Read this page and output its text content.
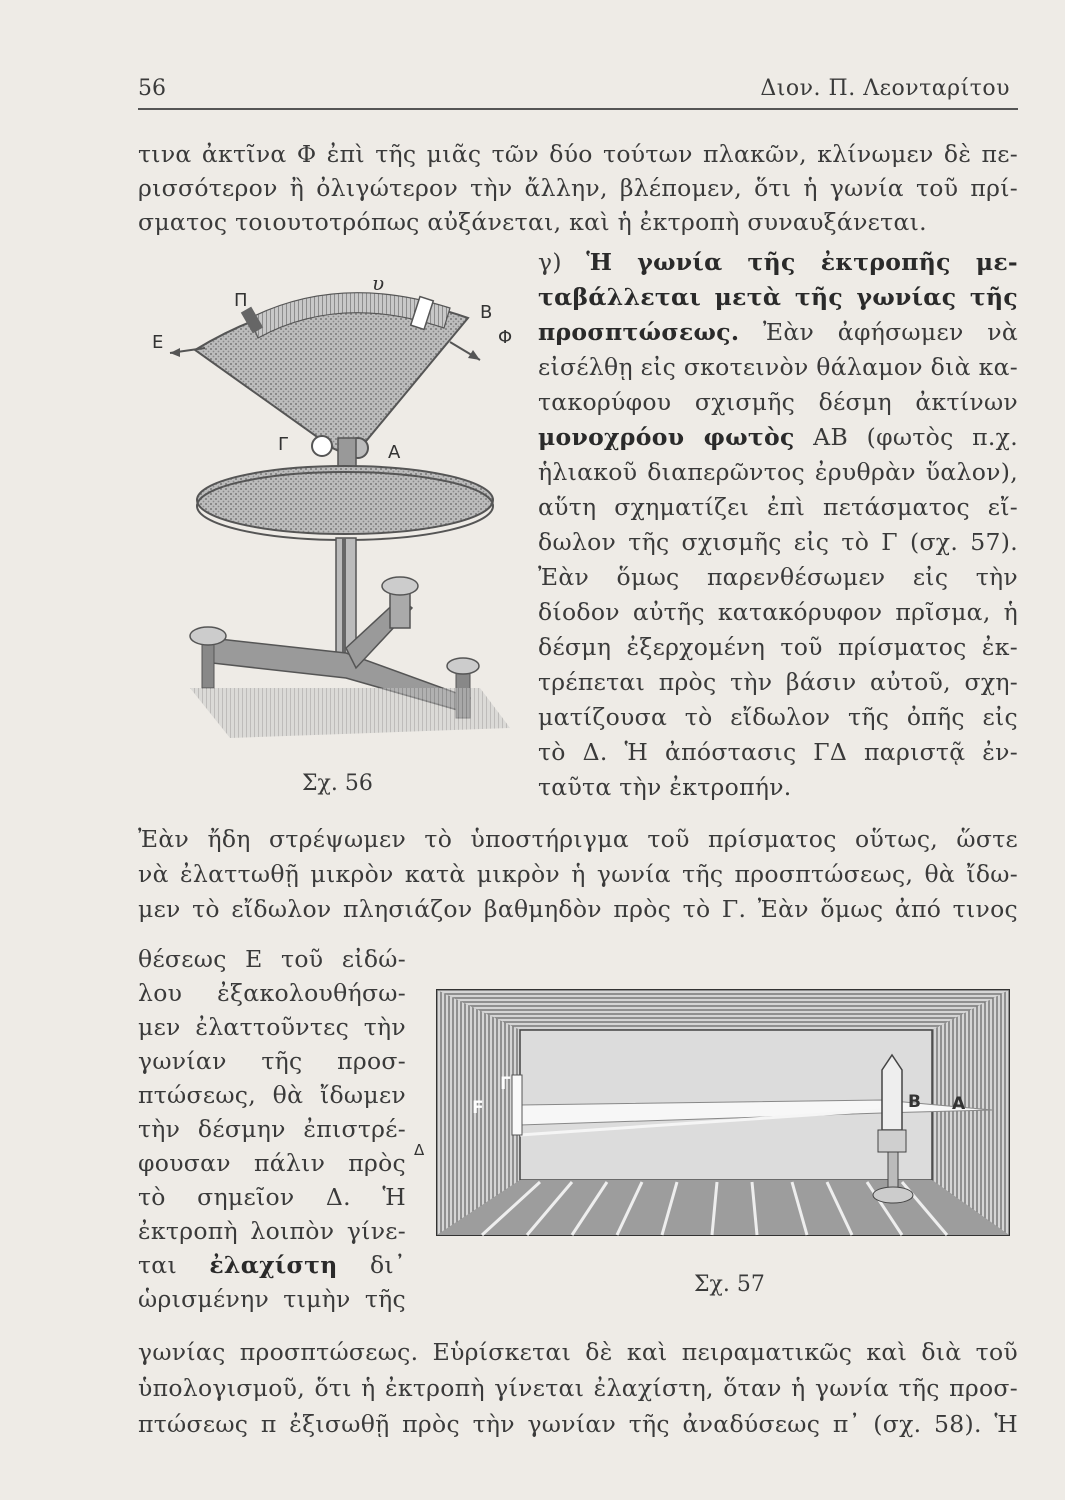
56	Διον. Π. Λεονταρίτου
τινα ἀκτῖνα Φ ἐπὶ τῆς μιᾶς τῶν δύο τούτων πλακῶν, κλίνωμεν δὲ πε-
ρισσότερον ἢ ὀλιγώτερον τὴν ἄλλην, βλέπομεν, ὅτι ἡ γωνία τοῦ πρί-
σματος τοιουτοτρόπως αὐξάνεται, καὶ ἡ ἐκτροπὴ συναυξάνεται.
γ) Ἡ γωνία τῆς ἐκτροπῆς με-
ταβάλλεται μετὰ τῆς γωνίας τῆς
προσπτώσεως. Ἐὰν ἀφήσωμεν νὰ
εἰσέλθῃ εἰς σκοτεινὸν θάλαμον διὰ κα-
τακορύφου σχισμῆς δέσμη ἀκτίνων
μονοχρόου φωτὸς ΑΒ (φωτὸς π.χ.
ἡλιακοῦ διαπερῶντος ἐρυθρὰν ὕαλον),
αὕτη σχηματίζει ἐπὶ πετάσματος εἴ-
δωλον τῆς σχισμῆς εἰς τὸ Γ (σχ. 57).
Ἐὰν ὅμως παρενθέσωμεν εἰς τὴν
δίοδον αὐτῆς κατακόρυφον πρῖσμα, ἡ
δέσμη ἐξερχομένη τοῦ πρίσματος ἐκ-
τρέπεται πρὸς τὴν βάσιν αὐτοῦ, σχη-
ματίζουσα τὸ εἴδωλον τῆς ὀπῆς εἰς
τὸ Δ. Ἡ ἀπόστασις ΓΔ παριστᾷ ἐν-
ταῦτα τὴν ἐκτροπήν.
Ε
Π
υ
Β
Φ
Γ	Α
Σχ. 56
Ἐὰν ἤδη στρέψωμεν τὸ ὑποστήριγμα τοῦ πρίσματος οὕτως, ὥστε
νὰ ἐλαττωθῇ μικρὸν κατὰ μικρὸν ἡ γωνία τῆς προσπτώσεως, θὰ ἴδω-
μεν τὸ εἴδωλον πλησιάζον βαθμηδὸν πρὸς τὸ Γ. Ἐὰν ὅμως ἀπό τινος
θέσεως Ε τοῦ εἰδώ-
λου ἐξακολουθήσω-
μεν ἐλαττοῦντες τὴν
γωνίαν τῆς προσ-
πτώσεως, θὰ ἴδωμεν
τὴν δέσμην ἐπιστρέ-
φουσαν πάλιν πρὸς
τὸ σημεῖον Δ. Ἡ
ἐκτροπὴ λοιπὸν γίνε-
ται ἐλαχίστη δι᾽
ὡρισμένην τιμὴν τῆς
F
Γ
B A
Δ
Σχ. 57
γωνίας προσπτώσεως. Εὑρίσκεται δὲ καὶ πειραματικῶς καὶ διὰ τοῦ
ὑπολογισμοῦ, ὅτι ἡ ἐκτροπὴ γίνεται ἐλαχίστη, ὅταν ἡ γωνία τῆς προσ-
πτώσεως π ἐξισωθῇ πρὸς τὴν γωνίαν τῆς ἀναδύσεως π᾽ (σχ. 58). Ἡ
